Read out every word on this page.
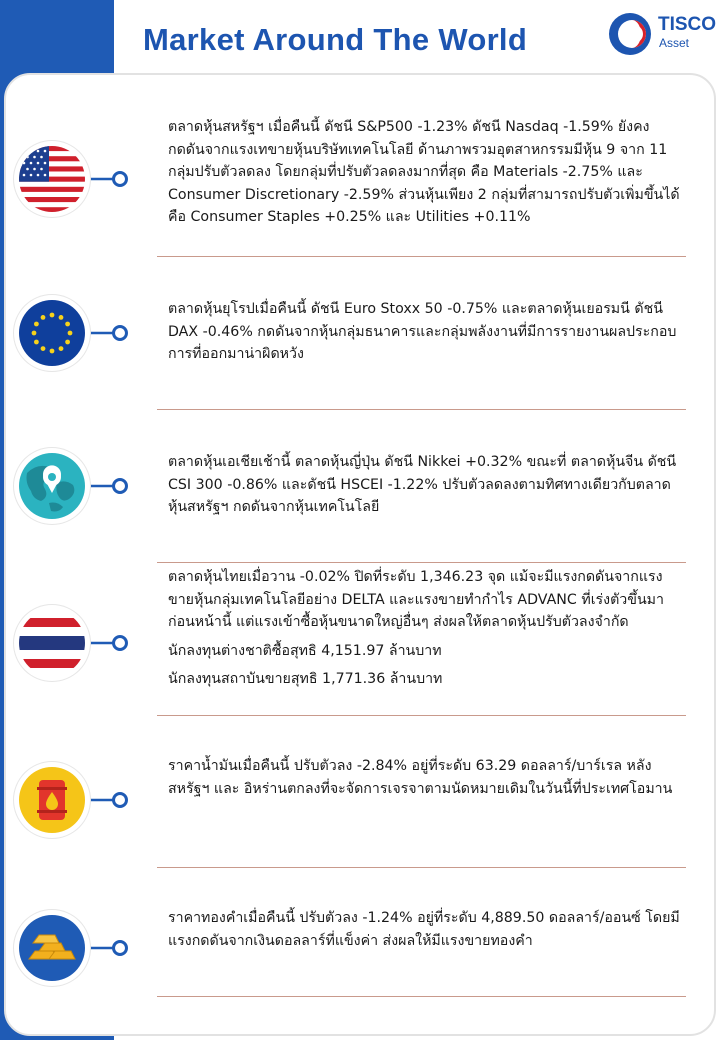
Market Around The World	TISCO
Asset

ตลาดหุ้นสหรัฐฯ เมื่อคืนนี้ ดัชนี S&P500 -1.23% ดัชนี Nasdaq -1.59% ยังคงกดดันจากแรงเทขายหุ้นบริษัทเทคโนโลยี ด้านภาพรวมอุตสาหกรรมมีหุ้น 9 จาก 11 กลุ่มปรับตัวลดลง โดยกลุ่มที่ปรับตัวลดลงมากที่สุด คือ Materials -2.75% และ Consumer Discretionary -2.59% ส่วนหุ้นเพียง 2 กลุ่มที่สามารถปรับตัวเพิ่มขึ้นได้ คือ Consumer Staples +0.25% และ Utilities +0.11%

ตลาดหุ้นยุโรปเมื่อคืนนี้ ดัชนี Euro Stoxx 50 -0.75% และตลาดหุ้นเยอรมนี ดัชนี DAX -0.46% กดดันจากหุ้นกลุ่มธนาคารและกลุ่มพลังงานที่มีการรายงานผลประกอบการที่ออกมาน่าผิดหวัง

ตลาดหุ้นเอเชียเช้านี้ ตลาดหุ้นญี่ปุ่น ดัชนี Nikkei +0.32% ขณะที่ ตลาดหุ้นจีน ดัชนี CSI 300 -0.86% และดัชนี HSCEI -1.22% ปรับตัวลดลงตามทิศทางเดียวกับตลาดหุ้นสหรัฐฯ กดดันจากหุ้นเทคโนโลยี

ตลาดหุ้นไทยเมื่อวาน -0.02% ปิดที่ระดับ 1,346.23 จุด แม้จะมีแรงกดดันจากแรงขายหุ้นกลุ่มเทคโนโลยีอย่าง DELTA และแรงขายทำกำไร ADVANC ที่เร่งตัวขึ้นมาก่อนหน้านี้ แต่แรงเข้าซื้อหุ้นขนาดใหญ่อื่นๆ ส่งผลให้ตลาดหุ้นปรับตัวลงจำกัด

นักลงทุนต่างชาติซื้อสุทธิ 4,151.97 ล้านบาท

นักลงทุนสถาบันขายสุทธิ 1,771.36 ล้านบาท

ราคาน้ำมันเมื่อคืนนี้ ปรับตัวลง -2.84% อยู่ที่ระดับ 63.29 ดอลลาร์/บาร์เรล หลังสหรัฐฯ และ อิหร่านตกลงที่จะจัดการเจรจาตามนัดหมายเดิมในวันนี้ที่ประเทศโอมาน

ราคาทองคำเมื่อคืนนี้ ปรับตัวลง -1.24% อยู่ที่ระดับ 4,889.50 ดอลลาร์/ออนซ์ โดยมีแรงกดดันจากเงินดอลลาร์ที่แข็งค่า ส่งผลให้มีแรงขายทองคำ
